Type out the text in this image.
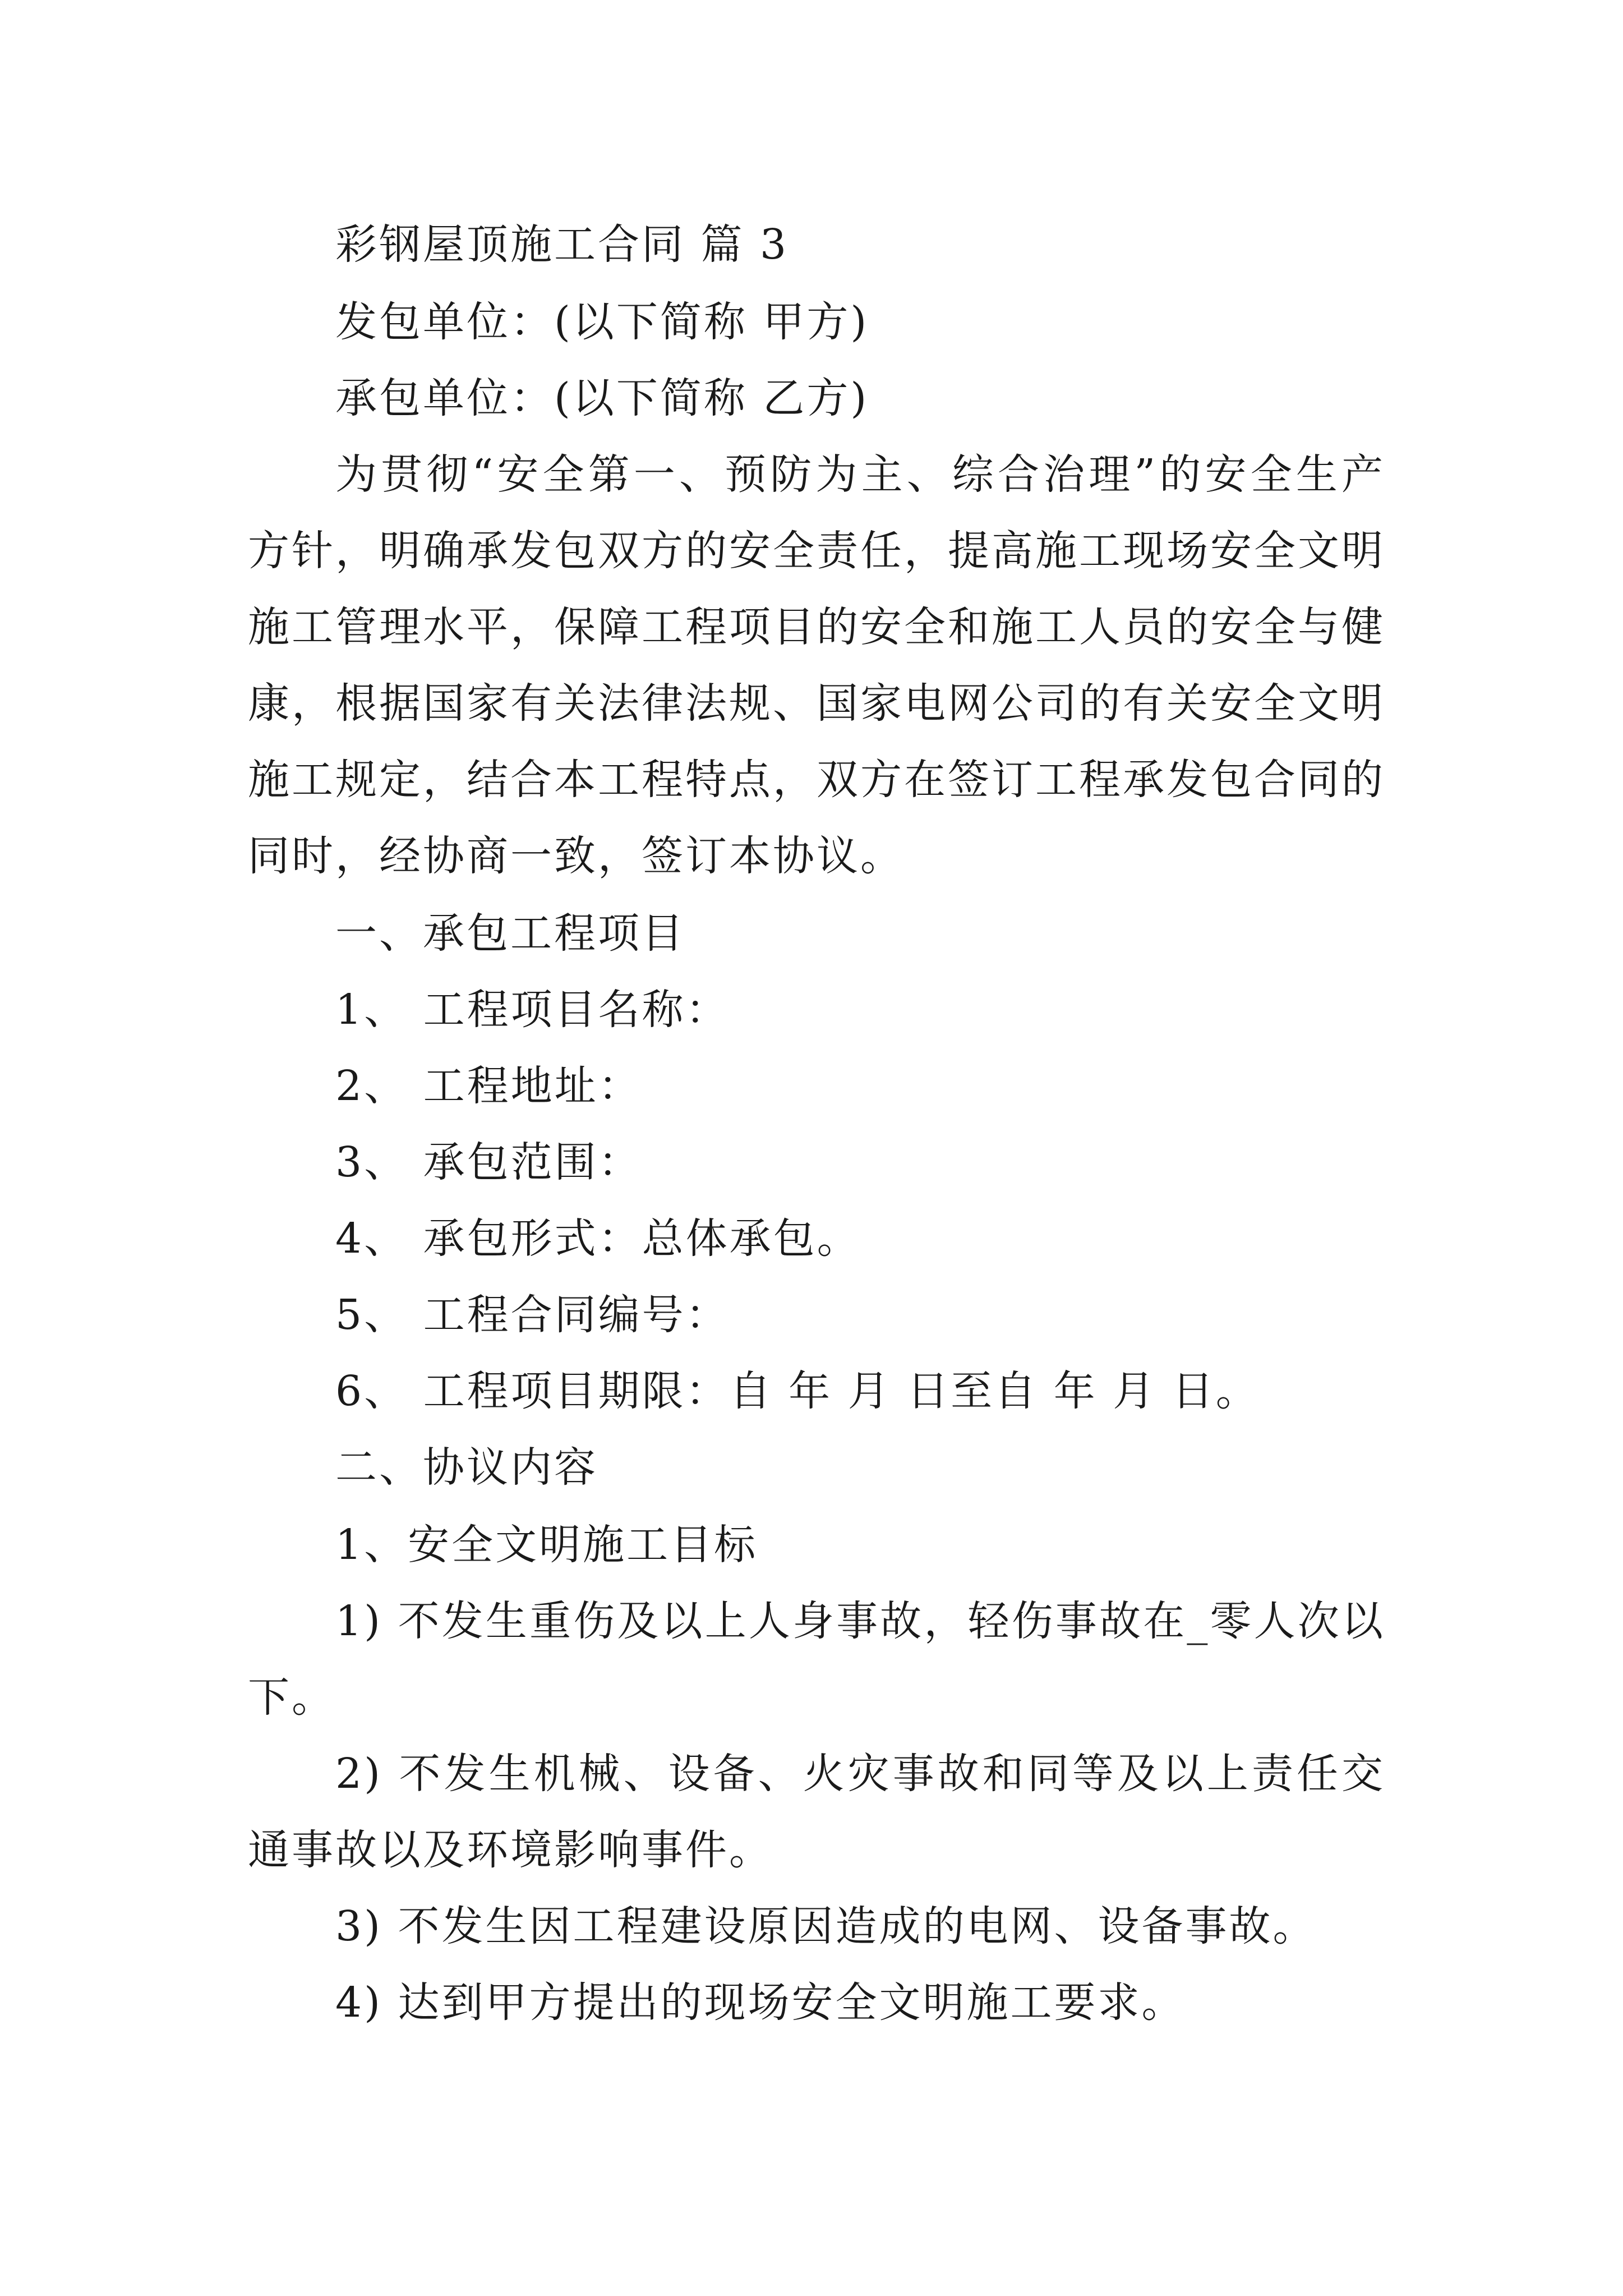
彩钢屋顶施工合同 篇 3
发包单位：(以下简称 甲方)
承包单位：(以下简称 乙方)
为贯彻“安全第一、预防为主、综合治理”的安全生产
方针，明确承发包双方的安全责任，提高施工现场安全文明
施工管理水平，保障工程项目的安全和施工人员的安全与健
康，根据国家有关法律法规、国家电网公司的有关安全文明
施工规定，结合本工程特点，双方在签订工程承发包合同的
同时，经协商一致，签订本协议。
一、承包工程项目
1、 工程项目名称：
2、 工程地址：
3、 承包范围：
4、 承包形式：总体承包。
5、 工程合同编号：
6、 工程项目期限：自 年 月 日至自 年 月 日。
二、协议内容
1、安全文明施工目标
1) 不发生重伤及以上人身事故，轻伤事故在_零人次以
下。
2) 不发生机械、设备、火灾事故和同等及以上责任交
通事故以及环境影响事件。
3) 不发生因工程建设原因造成的电网、设备事故。
4) 达到甲方提出的现场安全文明施工要求。
